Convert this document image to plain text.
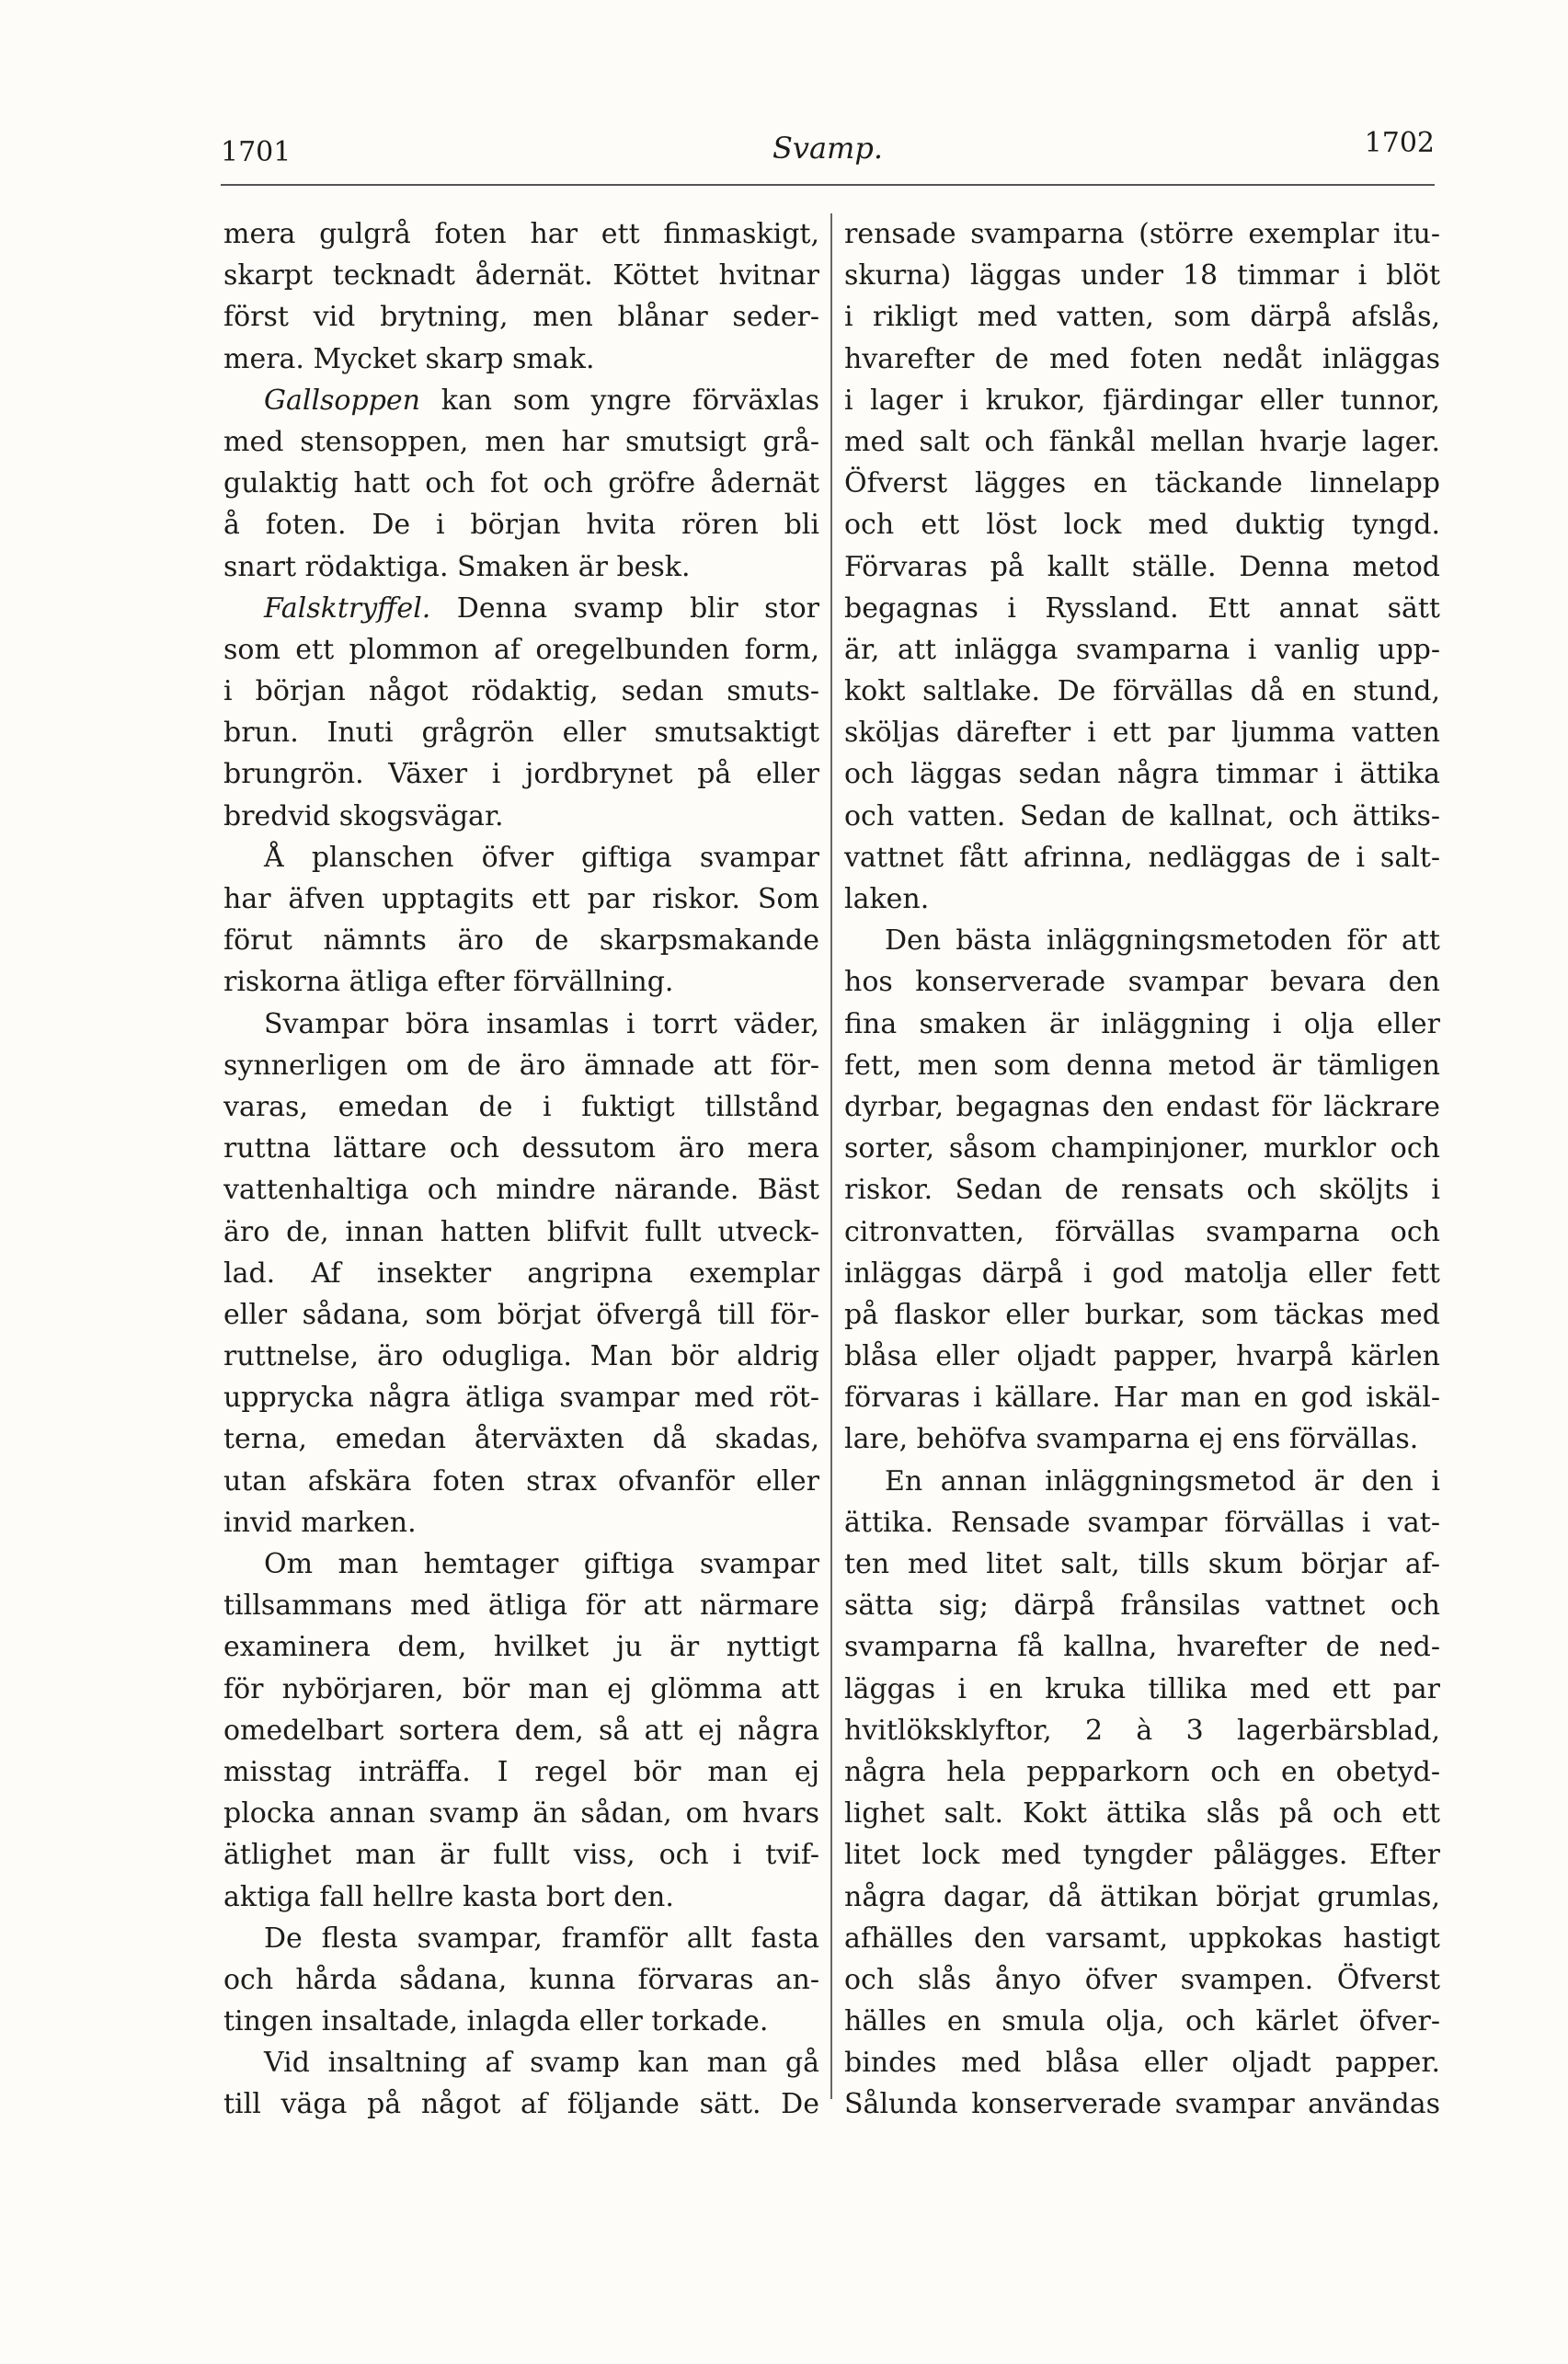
1701	Svamp.	1702
mera gulgrå foten har ett finmaskigt,
skarpt tecknadt ådernät. Köttet hvitnar
först vid brytning, men blånar seder-
mera. Mycket skarp smak.
Gallsoppen kan som yngre förväxlas
med stensoppen, men har smutsigt grå-
gulaktig hatt och fot och gröfre ådernät
å foten. De i början hvita rören bli
snart rödaktiga. Smaken är besk.
Falsktryffel. Denna svamp blir stor
som ett plommon af oregelbunden form,
i början något rödaktig, sedan smuts-
brun. Inuti grågrön eller smutsaktigt
brungrön. Växer i jordbrynet på eller
bredvid skogsvägar.
Å planschen öfver giftiga svampar
har äfven upptagits ett par riskor. Som
förut nämnts äro de skarpsmakande
riskorna ätliga efter förvällning.
Svampar böra insamlas i torrt väder,
synnerligen om de äro ämnade att för-
varas, emedan de i fuktigt tillstånd
ruttna lättare och dessutom äro mera
vattenhaltiga och mindre närande. Bäst
äro de, innan hatten blifvit fullt utveck-
lad. Af insekter angripna exemplar
eller sådana, som börjat öfvergå till för-
ruttnelse, äro odugliga. Man bör aldrig
upprycka några ätliga svampar med röt-
terna, emedan återväxten då skadas,
utan afskära foten strax ofvanför eller
invid marken.
Om man hemtager giftiga svampar
tillsammans med ätliga för att närmare
examinera dem, hvilket ju är nyttigt
för nybörjaren, bör man ej glömma att
omedelbart sortera dem, så att ej några
misstag inträffa. I regel bör man ej
plocka annan svamp än sådan, om hvars
ätlighet man är fullt viss, och i tvif-
aktiga fall hellre kasta bort den.
De flesta svampar, framför allt fasta
och hårda sådana, kunna förvaras an-
tingen insaltade, inlagda eller torkade.
Vid insaltning af svamp kan man gå
till väga på något af följande sätt. De
rensade svamparna (större exemplar itu-
skurna) läggas under 18 timmar i blöt
i rikligt med vatten, som därpå afslås,
hvarefter de med foten nedåt inläggas
i lager i krukor, fjärdingar eller tunnor,
med salt och fänkål mellan hvarje lager.
Öfverst lägges en täckande linnelapp
och ett löst lock med duktig tyngd.
Förvaras på kallt ställe. Denna metod
begagnas i Ryssland. Ett annat sätt
är, att inlägga svamparna i vanlig upp-
kokt saltlake. De förvällas då en stund,
sköljas därefter i ett par ljumma vatten
och läggas sedan några timmar i ättika
och vatten. Sedan de kallnat, och ättiks-
vattnet fått afrinna, nedläggas de i salt-
laken.
Den bästa inläggningsmetoden för att
hos konserverade svampar bevara den
fina smaken är inläggning i olja eller
fett, men som denna metod är tämligen
dyrbar, begagnas den endast för läckrare
sorter, såsom champinjoner, murklor och
riskor. Sedan de rensats och sköljts i
citronvatten, förvällas svamparna och
inläggas därpå i god matolja eller fett
på flaskor eller burkar, som täckas med
blåsa eller oljadt papper, hvarpå kärlen
förvaras i källare. Har man en god iskäl-
lare, behöfva svamparna ej ens förvällas.
En annan inläggningsmetod är den i
ättika. Rensade svampar förvällas i vat-
ten med litet salt, tills skum börjar af-
sätta sig; därpå frånsilas vattnet och
svamparna få kallna, hvarefter de ned-
läggas i en kruka tillika med ett par
hvitlöksklyftor, 2 à 3 lagerbärsblad,
några hela pepparkorn och en obetyd-
lighet salt. Kokt ättika slås på och ett
litet lock med tyngder pålägges. Efter
några dagar, då ättikan börjat grumlas,
afhälles den varsamt, uppkokas hastigt
och slås ånyo öfver svampen. Öfverst
hälles en smula olja, och kärlet öfver-
bindes med blåsa eller oljadt papper.
Sålunda konserverade svampar användas
